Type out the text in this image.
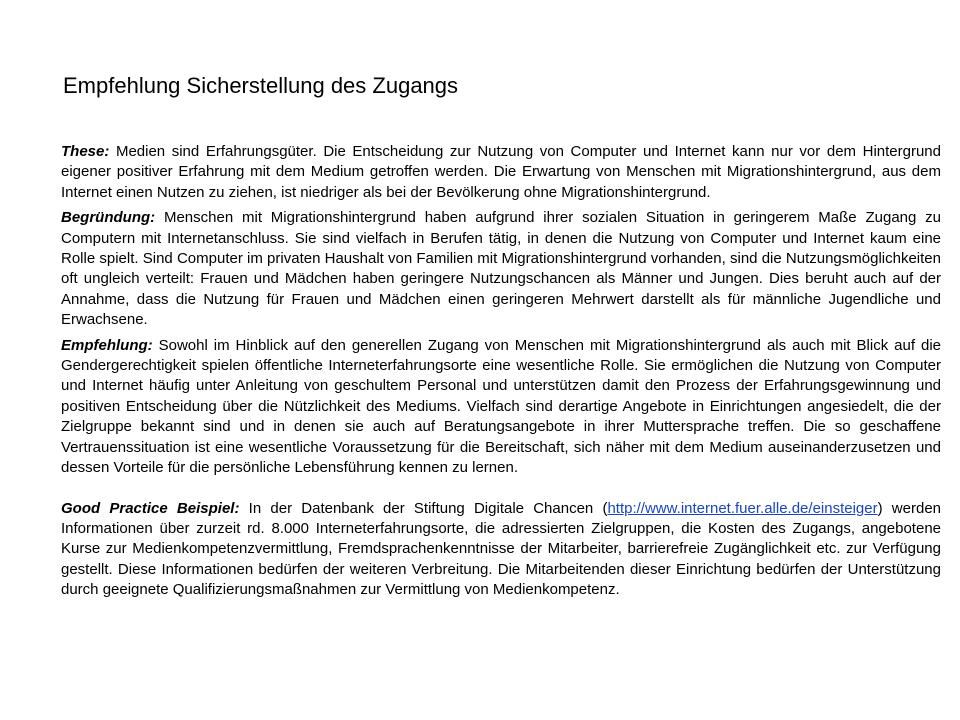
Empfehlung Sicherstellung des Zugangs

These: Medien sind Erfahrungsgüter. Die Entscheidung zur Nutzung von Computer und Internet kann nur vor dem Hintergrund eigener positiver Erfahrung mit dem Medium getroffen werden. Die Erwartung von Menschen mit Migrationshintergrund, aus dem Internet einen Nutzen zu ziehen, ist niedriger als bei der Bevölkerung ohne Migrationshintergrund.

Begründung: Menschen mit Migrationshintergrund haben aufgrund ihrer sozialen Situation in geringerem Maße Zugang zu Computern mit Internetanschluss. Sie sind vielfach in Berufen tätig, in denen die Nutzung von Computer und Internet kaum eine Rolle spielt. Sind Computer im privaten Haushalt von Familien mit Migrationshintergrund vorhanden, sind die Nutzungsmöglichkeiten oft ungleich verteilt: Frauen und Mädchen haben geringere Nutzungschancen als Männer und Jungen. Dies beruht auch auf der Annahme, dass die Nutzung für Frauen und Mädchen einen geringeren Mehrwert darstellt als für männliche Jugendliche und Erwachsene.

Empfehlung: Sowohl im Hinblick auf den generellen Zugang von Menschen mit Migrationshintergrund als auch mit Blick auf die Gendergerechtigkeit spielen öffentliche Interneterfahrungsorte eine wesentliche Rolle. Sie ermöglichen die Nutzung von Computer und Internet häufig unter Anleitung von geschultem Personal und unterstützen damit den Prozess der Erfahrungsgewinnung und positiven Entscheidung über die Nützlichkeit des Mediums. Vielfach sind derartige Angebote in Einrichtungen angesiedelt, die der Zielgruppe bekannt sind und in denen sie auch auf Beratungsangebote in ihrer Muttersprache treffen. Die so geschaffene Vertrauenssituation ist eine wesentliche Voraussetzung für die Bereitschaft, sich näher mit dem Medium auseinanderzusetzen und dessen Vorteile für die persönliche Lebensführung kennen zu lernen.

Good Practice Beispiel: In der Datenbank der Stiftung Digitale Chancen (http://www.internet.fuer.alle.de/einsteiger) werden Informationen über zurzeit rd. 8.000 Interneterfahrungsorte, die adressierten Zielgruppen, die Kosten des Zugangs, angebotene Kurse zur Medienkompetenzvermittlung, Fremdsprachenkenntnisse der Mitarbeiter, barrierefreie Zugänglichkeit etc. zur Verfügung gestellt. Diese Informationen bedürfen der weiteren Verbreitung. Die Mitarbeitenden dieser Einrichtung bedürfen der Unterstützung durch geeignete Qualifizierungsmaßnahmen zur Vermittlung von Medienkompetenz.
